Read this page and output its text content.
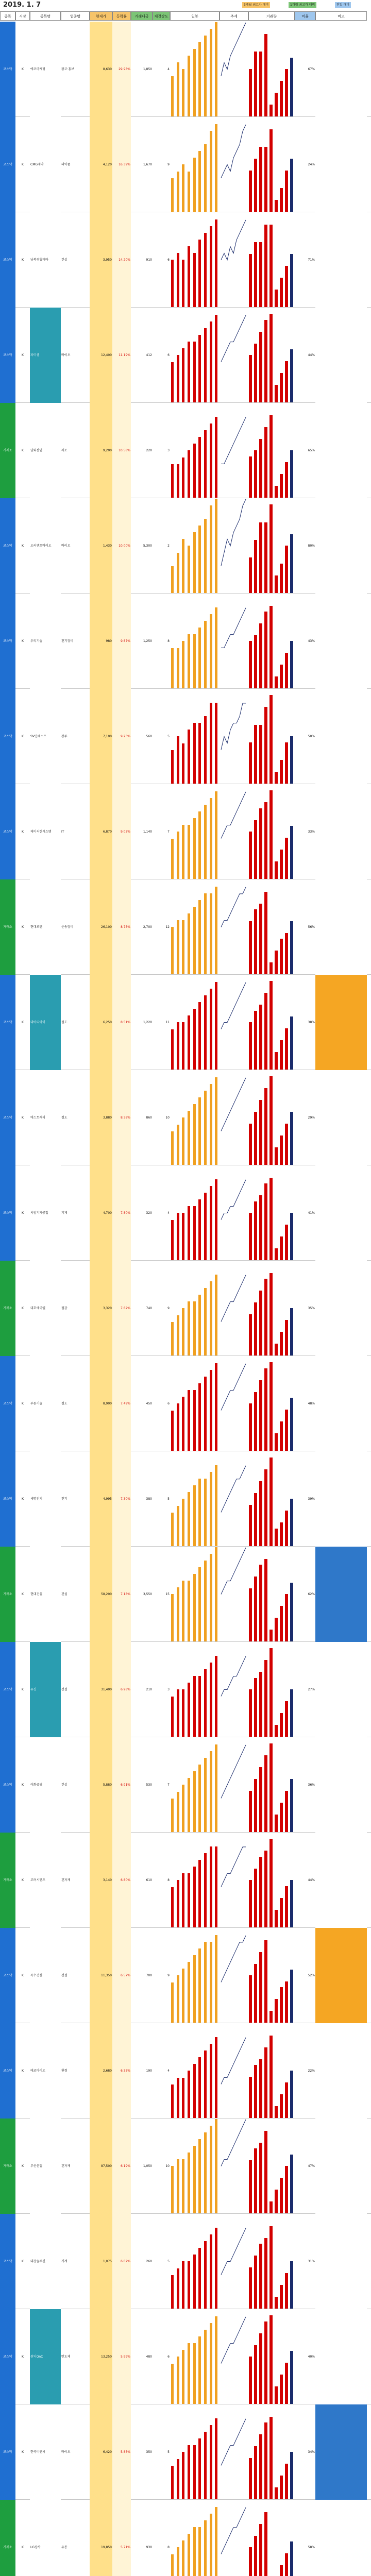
2019. 1. 7	3개월 최고가 대비	1개월 최고가 대비	전일 대비
종목	시장	종목명	업종명	현재가	등락률	거래대금	체결강도	일봉	추세	거래량	비율	비고
코스닥	K	에코마케팅	광고·홍보	8,630	29.98%	1,850	4	67%
코스닥	K	CMG제약	의약품	4,120	16.39%	1,670	9	24%
코스닥	K	남북경협테마	건설	3,950	14.20%	910	6	71%
코스닥	K	파미셀	바이오	12,400	11.19%	412	6	44%
거래소	K	남화산업	제조	9,200	10.58%	220	3	65%
코스닥	K	오리엔트바이오	바이오	1,430	10.00%	5,300	2	80%
코스닥	K	우리기술	전기장비	980	9.87%	1,250	8	43%
코스닥	K	SV인베스트	창투	7,100	9.23%	560	5	50%
코스닥	K	제이씨현시스템	IT	6,870	9.02%	1,140	7	33%
거래소	K	현대로템	운송장비	26,100	8.75%	2,700	12	56%
코스닥	K	대아티아이	철도	6,250	8.51%	1,220	11	38%
코스닥	K	에스트래픽	철도	3,880	8.38%	860	10	29%
코스닥	K	서암기계공업	기계	4,700	7.80%	320	4	41%
거래소	K	대호에이엘	철강	3,320	7.62%	740	9	35%
코스닥	K	푸른기술	철도	8,900	7.49%	450	6	48%
코스닥	K	세명전기	전기	4,995	7.30%	380	5	39%
거래소	K	현대건설	건설	58,200	7.18%	3,550	15	62%
코스닥	K	유신	건설	31,400	6.98%	210	3	27%
코스닥	K	이화공영	건설	5,880	6.91%	530	7	36%
거래소	K	고려시멘트	건자재	3,140	6.80%	610	8	44%
코스닥	K	특수건설	건설	11,350	6.57%	700	9	52%
코스닥	K	에코바이오	환경	2,680	6.35%	190	4	22%
거래소	K	부산산업	건자재	87,500	6.19%	1,050	10	47%
코스닥	K	대창솔루션	기계	1,075	6.02%	260	5	31%
코스닥	K	원익QnC	반도체	13,250	5.99%	480	6	40%
코스닥	K	한국비엔씨	바이오	6,420	5.85%	350	5	34%
거래소	K	LG상사	유통	19,850	5.71%	930	8	58%
